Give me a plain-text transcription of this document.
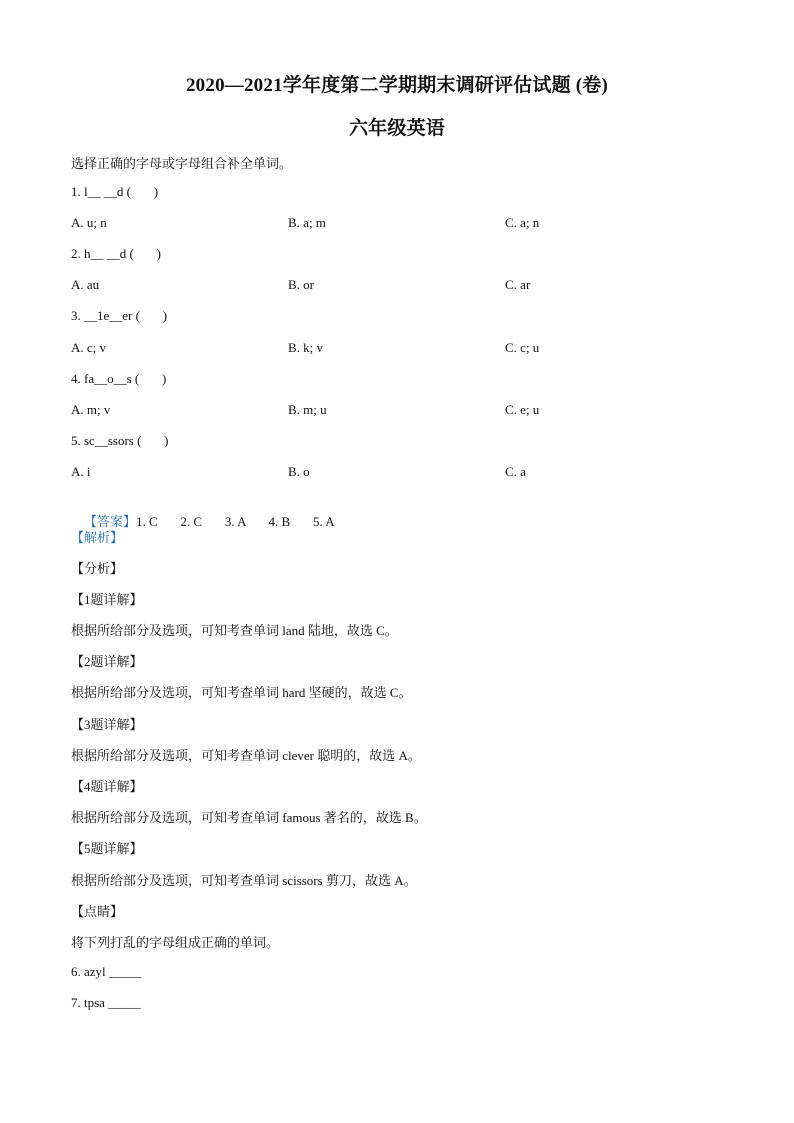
2020—2021学年度第二学期期末调研评估试题 (卷)
六年级英语
选择正确的字母或字母组合补全单词。
1. l__ __d (       )
A. u; n	B. a; m	C. a; n
2. h__ __d (       )
A. au	B. or	C. ar
3. __1e__er (       )
A. c; v	B. k; v	C. c; u
4. fa__o__s (       )
A. m; v	B. m; u	C. e; u
5. sc__ssors (       )
A. i	B. o	C. a

【答案】1. C       2. C       3. A       4. B       5. A

【解析】
【分析】
【1题详解】
根据所给部分及选项，可知考查单词 land 陆地，故选 C。
【2题详解】
根据所给部分及选项，可知考查单词 hard 坚硬的，故选 C。
【3题详解】
根据所给部分及选项，可知考查单词 clever 聪明的，故选 A。
【4题详解】
根据所给部分及选项，可知考查单词 famous 著名的，故选 B。
【5题详解】
根据所给部分及选项，可知考查单词 scissors 剪刀，故选 A。
【点睛】
将下列打乱的字母组成正确的单词。
6. azyl _____
7. tpsa _____
